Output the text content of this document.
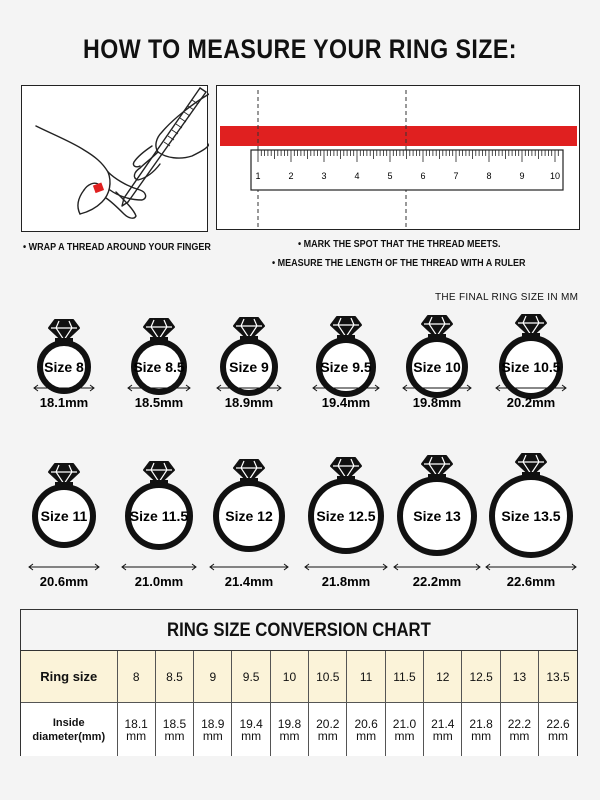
HOW TO MEASURE YOUR RING SIZE:
1	2	3	4	5	6	7	8	9	10
THE FINAL RING SIZE IN MM
• WRAP A THREAD AROUND YOUR FINGER	• MARK THE SPOT THAT THE THREAD MEETS.
• MEASURE THE LENGTH OF THE THREAD WITH A RULER
Size 8
18.1mm
Size 8.5
18.5mm
Size 9
18.9mm
Size 9.5
19.4mm
Size 10
19.8mm
Size 10.5
20.2mm
Size 11
20.6mm
Size 11.5
21.0mm
Size 12
21.4mm
Size 12.5
21.8mm
Size 13
22.2mm
Size 13.5
22.6mm
RING SIZE CONVERSION CHART
Ring size	8	8.5	9	9.5	10	10.5	11	11.5	12	12.5	13	13.5
Inside
diameter(mm)	18.1 mm	18.5 mm	18.9 mm	19.4 mm	19.8 mm	20.2 mm	20.6 mm	21.0 mm	21.4 mm	21.8 mm	22.2 mm	22.6 mm
